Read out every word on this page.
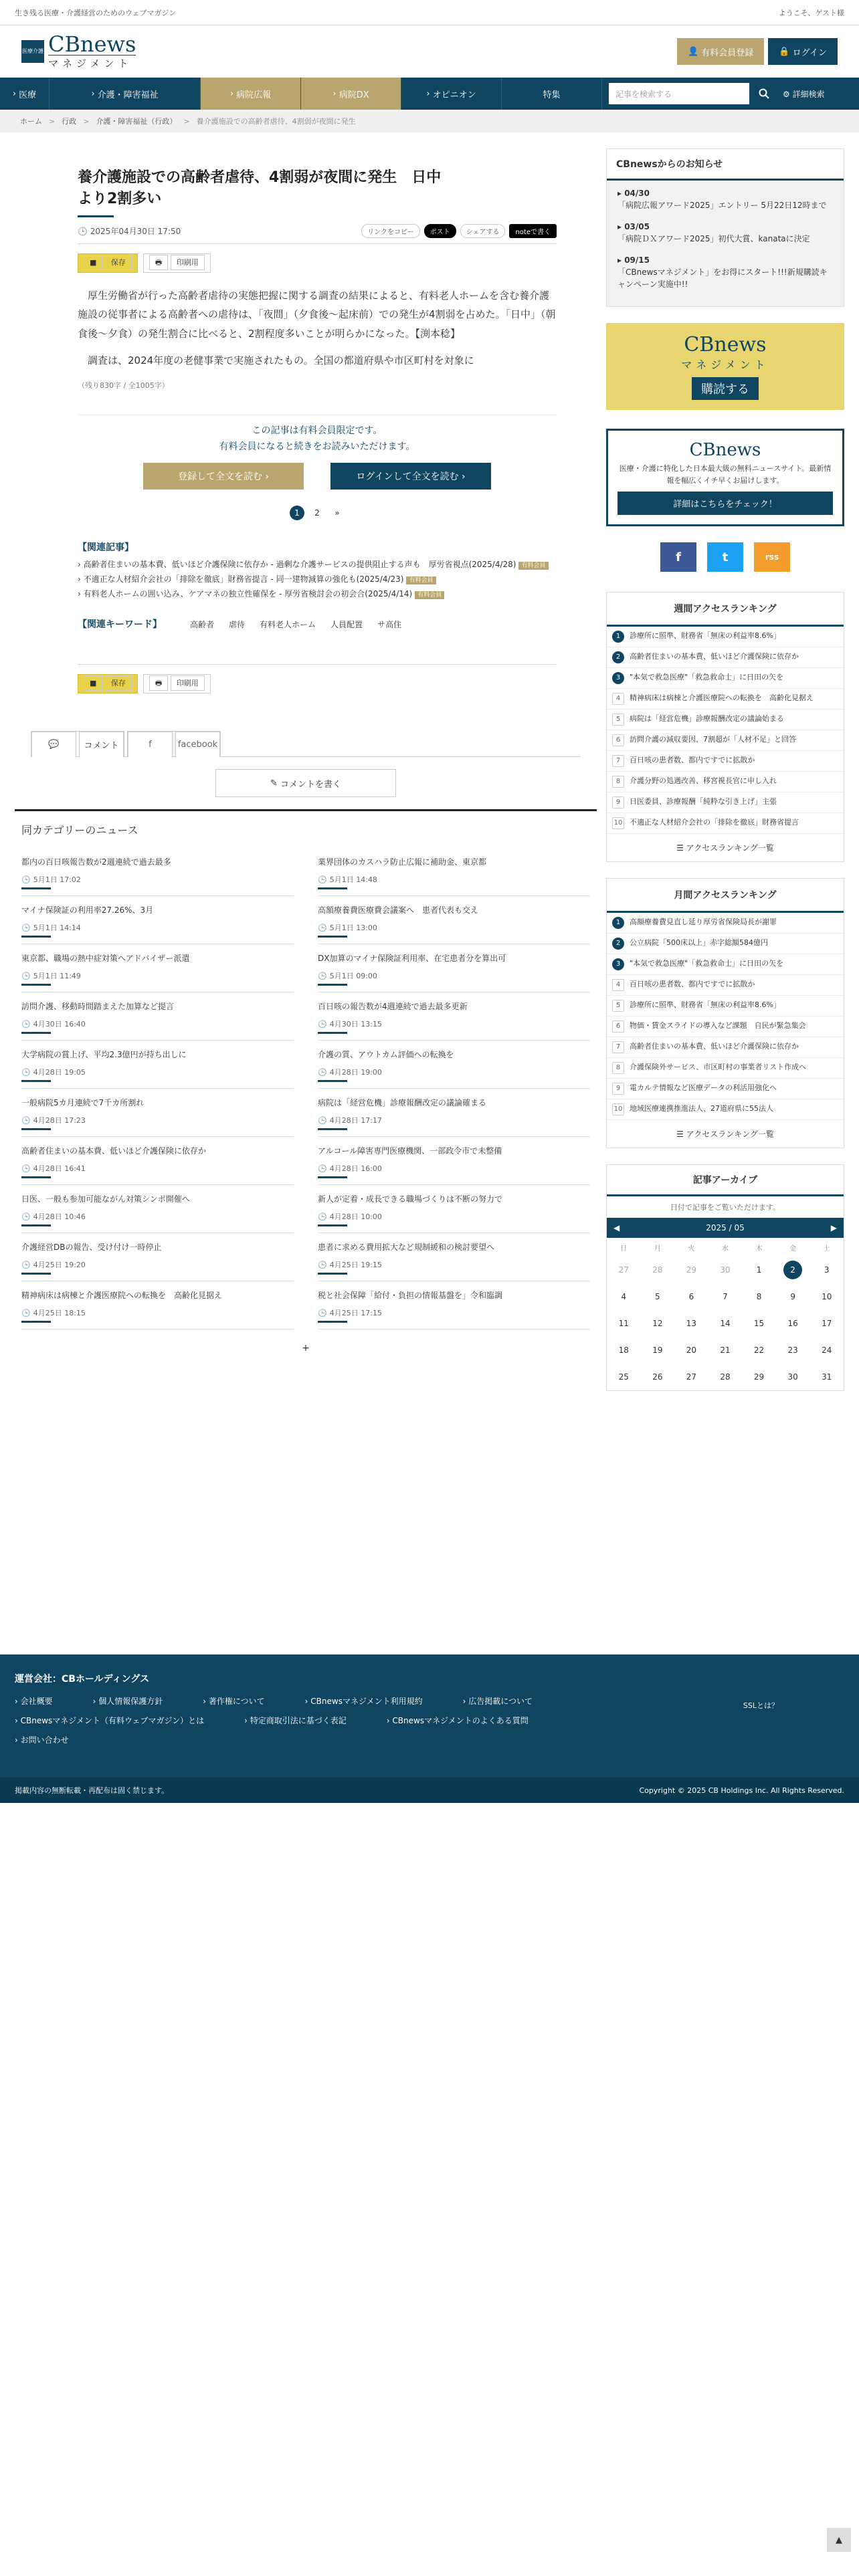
生き残る医療・介護経営のためのウェブマガジン	ようこそ、ゲスト様
医療介護 CBnews
マネジメント
👤 有料会員登録	🔒 ログイン
› 医療	› 介護・障害福祉	› 病院広報	› 病院DX	› オピニオン	特集	記事を検索する	⚙ 詳細検索
ホーム > 行政 > 介護・障害福祉（行政） > 養介護施設での高齢者虐待、4割弱が夜間に発生
養介護施設での高齢者虐待、4割弱が夜間に発生　日中より2割多い
🕒 2025年04月30日 17:50	リンクをコピー	ポスト	シェアする	noteで書く
■ 保存	🖶 印刷用

厚生労働省が行った高齢者虐待の実態把握に関する調査の結果によると、有料老人ホームを含む養介護施設の従事者による高齢者への虐待は、「夜間」（夕食後～起床前）での発生が4割弱を占めた。「日中」（朝食後～夕食）の発生割合に比べると、2割程度多いことが明らかになった。【渕本稔】

調査は、2024年度の老健事業で実施されたもの。全国の都道府県や市区町村を対象に

（残り830字 / 全1005字）

この記事は有料会員限定です。
有料会員になると続きをお読みいただけます。
登録して全文を読む ›	ログインして全文を読む ›
1	2	»
【関連記事】
› 高齢者住まいの基本費、低いほど介護保険に依存か - 過剰な介護サービスの提供阻止する声も　厚労省視点(2025/4/28) 有料会員
› 不適正な人材紹介会社の「排除を徹底」財務省提言 - 同一建物減算の強化も(2025/4/23) 有料会員
› 有料老人ホームの囲い込み、ケアマネの独立性確保を - 厚労省検討会の初会合(2025/4/14) 有料会員
【関連キーワード】	高齢者 虐待 有料老人ホーム 人員配置 サ高住
■ 保存	🖶 印刷用
💬
	コメント	f
	facebook
✎
コメントを書く
同カテゴリーのニュース
都内の百日咳報告数が2週連続で過去最多
🕒 5月1日 17:02
業界団体のカスハラ防止広報に補助金、東京都
🕒 5月1日 14:48
マイナ保険証の利用率27.26%、3月
🕒 5月1日 14:14
高額療養費医療費会議案へ　患者代表も交え
🕒 5月1日 13:00
東京都、職場の熱中症対策へアドバイザー派遣
🕒 5月1日 11:49
DX加算のマイナ保険証利用率、在宅患者分を算出可
🕒 5月1日 09:00
訪問介護、移動時間踏まえた加算など提言
🕒 4月30日 16:40
百日咳の報告数が4週連続で過去最多更新
🕒 4月30日 13:15
大学病院の賞上げ、平均2.3億円が持ち出しに
🕒 4月28日 19:05
介護の質、アウトカム評価への転換を
🕒 4月28日 19:00
一般病院5カ月連続で7千カ所割れ
🕒 4月28日 17:23
病院は「経営危機」診療報酬改定の議論確まる
🕒 4月28日 17:17
高齢者住まいの基本費、低いほど介護保険に依存か
🕒 4月28日 16:41
アルコール障害専門医療機関、一部政令市で未整備
🕒 4月28日 16:00
日医、一般も参加可能ながん対策シンポ開催へ
🕒 4月28日 10:46
新人が定着・成長できる職場づくりは不断の努力で
🕒 4月28日 10:00
介護経営DBの報告、受け付け一時停止
🕒 4月25日 19:20
患者に求める費用拡大など規制緩和の検討要望へ
🕒 4月25日 19:15
精神病床は病棟と介護医療院への転換を　高齢化見据え
🕒 4月25日 18:15
税と社会保障「給付・負担の情報基盤を」令和臨調
🕒 4月25日 17:15
+
CBnewsからのお知らせ
▸ 04/30
「病院広報アワード2025」エントリー 5月22日12時まで
▸ 03/05
「病院ＤＸアワード2025」初代大賞、kanataに決定
▸ 09/15
「CBnewsマネジメント」をお得にスタート!!!新規購読キャンペーン実施中!!
CBnews
マネジメント
購読する
CBnews
医療・介護に特化した日本最大級の無料ニュースサイト。最新情報を幅広くイチ早くお届けします。
詳細はこちらをチェック！
f	t	rss
週間アクセスランキング
1	診療所に照準、財務省「無床の利益率8.6%」
2	高齢者住まいの基本費、低いほど介護保険に依存か
3	"本気で救急医療"「救急救命士」に日田の矢を
4	精神病床は病棟と介護医療院への転換を　高齢化見据え
5	病院は「経営危機」診療報酬改定の議論始まる
6	訪問介護の減収要因、7割超が「人材不足」と回答
7	百日咳の患者数、都内ですでに拡散か
8	介護分野の処遇改善、移宮視長官に申し入れ
9	日医委員、診療報酬「純粋な引き上げ」主張
10 不適正な人材紹介会社の「排除を徹底」財務省提言
☰ アクセスランキング一覧
月間アクセスランキング
1	高額療養費見直し延り厚労省保険局長が謝罪
2	公立病院「500床以上」赤字総額584億円
3	"本気で救急医療"「救急救命士」に日田の矢を
4	百日咳の患者数、都内ですでに拡散か
5	診療所に照準、財務省「無床の利益率8.6%」
6	物価・賃金スライドの導入など課題　自民が緊急集会
7	高齢者住まいの基本費、低いほど介護保険に依存か
8	介護保険外サービス、市区町村の事業者リスト作成へ
9	電カルテ情報など医療データの利活用強化へ
10 地域医療連携推進法人、27道府県に55法人
☰ アクセスランキング一覧
記事アーカイブ
日付で記事をご覧いただけます。
◀	2025 / 05	▶
日	月	火	水	木	金	土
27	28	29	30	1	2	3
4	5	6	7	8	9	10
11	12	13	14	15	16	17
18	19	20	21	22	23	24
25	26	27	28	29	30	31
運営会社：CBホールディングス
› 会社概要	› 個人情報保護方針	› 著作権について	› CBnewsマネジメント利用規約	› 広告掲載について
› CBnewsマネジメント（有料ウェブマガジン）とは	› 特定商取引法に基づく表記	› CBnewsマネジメントのよくある質問
› お問い合わせ
SSLとは？
掲載内容の無断転載・再配布は固く禁じます。	Copyright © 2025 CB Holdings Inc. All Rights Reserved.
▲
